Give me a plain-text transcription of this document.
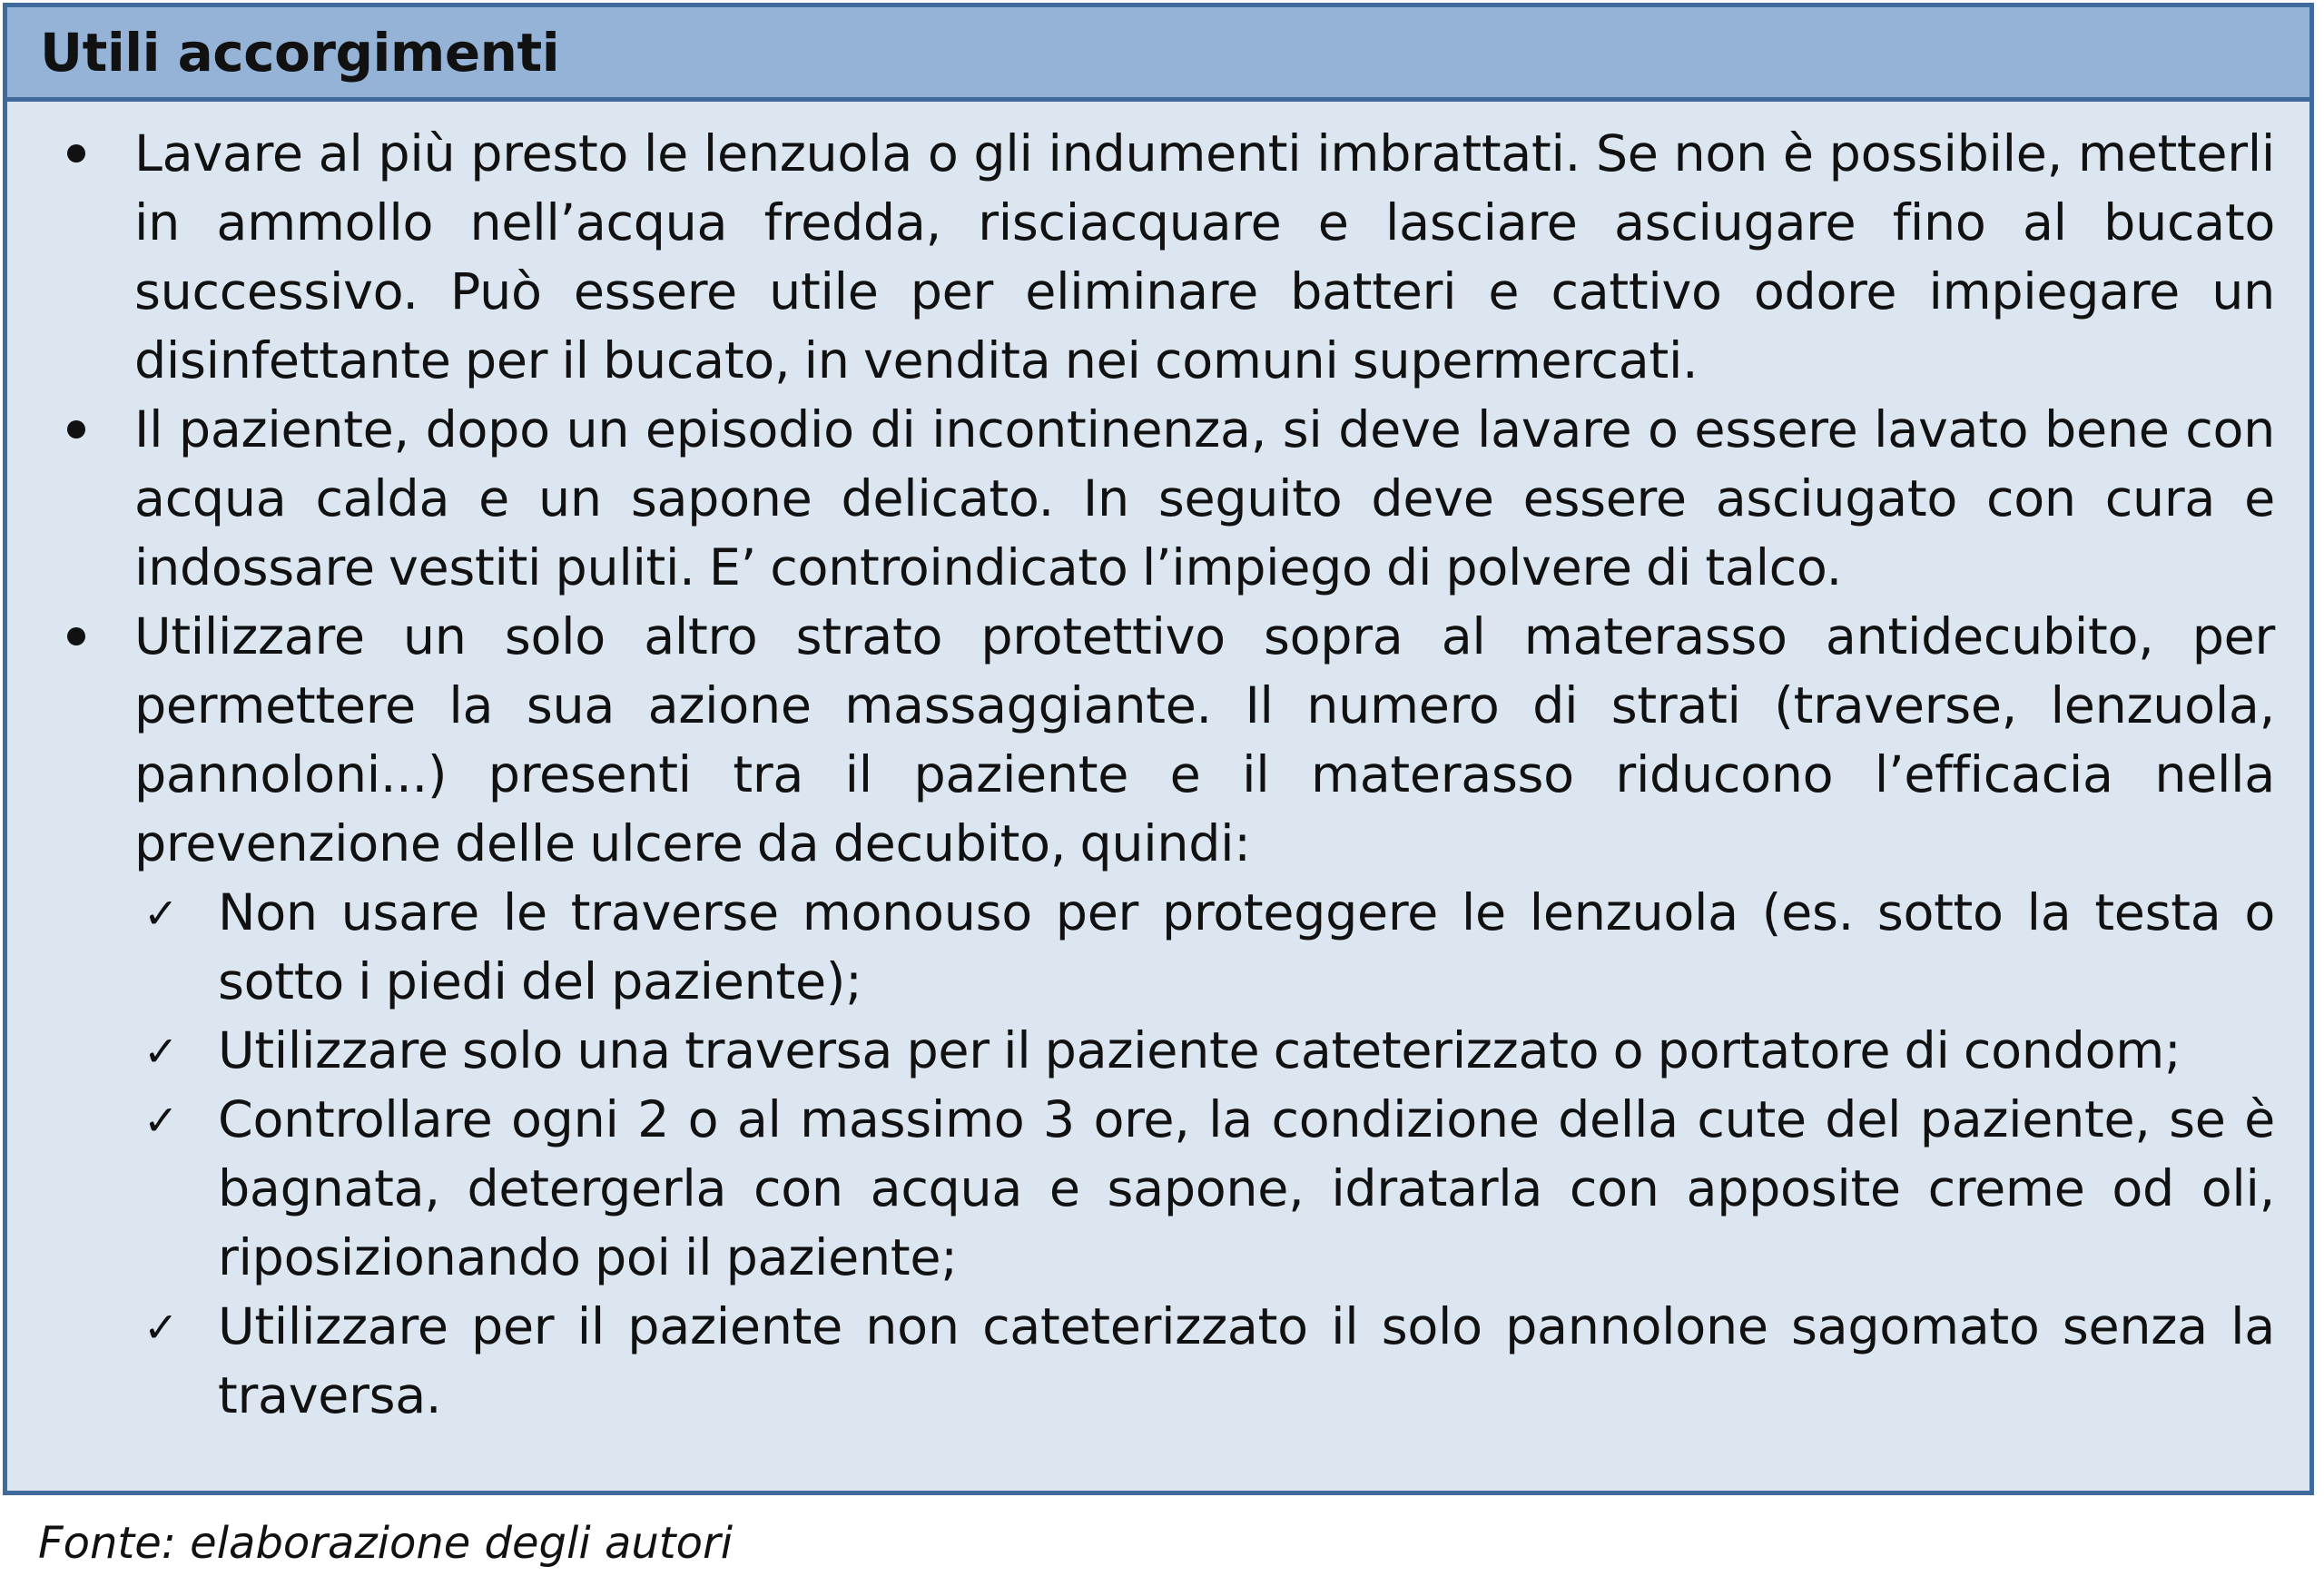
Utili accorgimenti
Lavare al più presto le lenzuola o gli indumenti imbrattati. Se non è possibile, metterli in ammollo nell’acqua fredda, risciacquare e lasciare asciugare fino al bucato successivo. Può essere utile per eliminare batteri e cattivo odore impiegare un disinfettante per il bucato, in vendita nei comuni supermercati.
Il paziente, dopo un episodio di incontinenza, si deve lavare o essere lavato bene con acqua calda e un sapone delicato. In seguito deve essere asciugato con cura e indossare vestiti puliti. E’ controindicato l’impiego di polvere di talco.
Utilizzare un solo altro strato protettivo sopra al materasso antidecubito, per permettere la sua azione massaggiante. Il numero di strati (traverse, lenzuola, pannoloni...) presenti tra il paziente e il materasso riducono l’efficacia nella prevenzione delle ulcere da decubito, quindi:
✓ Non usare le traverse monouso per proteggere le lenzuola (es. sotto la testa o sotto i piedi del paziente);
✓ Utilizzare solo una traversa per il paziente cateterizzato o portatore di condom;
✓ Controllare ogni 2 o al massimo 3 ore, la condizione della cute del paziente, se è bagnata, detergerla con acqua e sapone, idratarla con apposite creme od oli, riposizionando poi il paziente;
✓ Utilizzare per il paziente non cateterizzato il solo pannolone sagomato senza la traversa.
Fonte: elaborazione degli autori
